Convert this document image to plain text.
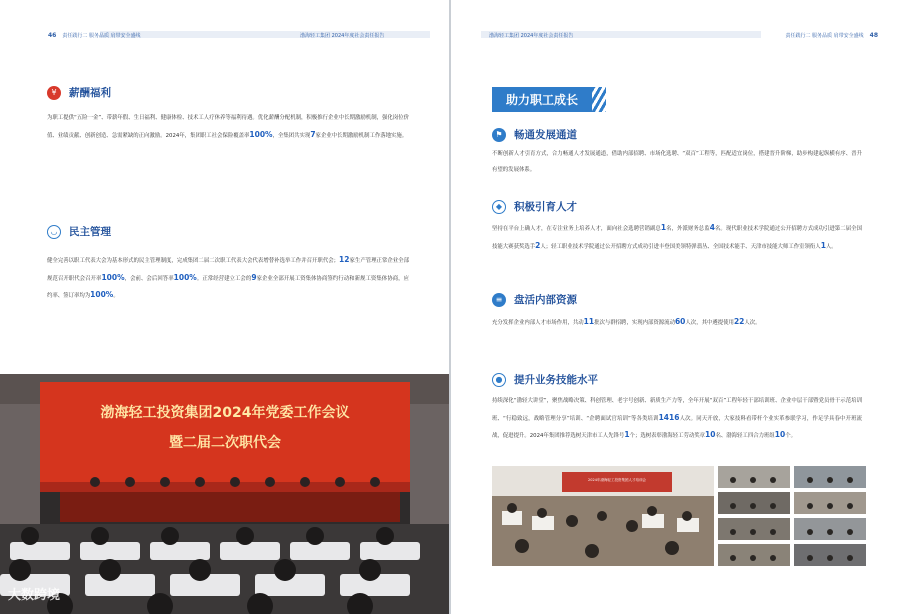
46 责任践行二 服务品质 肩带安全盛线	渤海轻工集团 2024年度社会责任报告
¥	薪酬福利
为职工提供“五险一金”、带薪年假、生日福利、健康体检、技术工人疗休养等福利待遇。优化薪酬分配机制，积极推行企业中长期激励机制，强化岗位价值、业绩贡献、创新创造、急需紧缺的正向激励。2024年，集团职工社会保险覆盖率100%，全集团共实现7家企业中长期激励机制工作落地实施。
◡	民主管理
健全完善以职工代表大会为基本形式的民主管理制度，完成集团二届二次职工代表大会代表增替补选举工作并召开职代会；12家生产管理正常企业全部规范召开职代会召开率100%，会前、会后回答率100%。正常经营建立工会的9家企业全部开展工资集体协商签约行动和新规工资集体协商，应约率、签订率均为100%。
渤海轻工投资集团2024年党委工作会议
暨二届二次职代会
大数跨境
渤海轻工集团 2024年度社会责任报告	责任践行二 服务品质 肩带安全盛线 48
助力职工成长
⚑	畅通发展通道
不断创新人才引育方式，合力畅通人才发展通道，借助内部招聘、市场化选聘、“双百”工程等，匹配适宜岗位，搭建晋升阶梯，助步构建起纵横有序、晋升有望的发展体系。
◆	积极引育人才
坚持在平台上确人才，在专注业务上培养人才，面向社会选聘营销副总1名，外派财务总监4名。现代职业技术学院通过公开招聘方式成功引进第二届全国技能大赛获奖选手2人；轻工职业技术学院通过公开招聘方式成功引进丰登国美领特弹翡丛、全国技术能手、天津市技能大师工作室领衔人1人。
≡	盘活内部资源
充分发挥企业内部人才市场作用，共动11批次与群招聘，实现内部资源流动60人次，其中遴提使用22人次。
●	提升业务技能水平
持续深化“渤轻大讲堂”，聚焦战略决策、科创管理、老字号创新、新质生产力等，全年开展“双百”工程年轻干部培训班、企业中层干部暨党员骨干示范培训班、“行稳致远，战略管理分享”培训、“企聘面试官培训”等各类培训1416人次。同天开放，大家技料看带杆个业实革参联学习，作足学具春中开班流战，促进提升。2024年集团推荐选树天津市工人先锋号1个；选树表彰渤海轻工劳动奖章10名、渤海轻工四合力班组10个。
2024年渤海轻工投资集团人才培训会
